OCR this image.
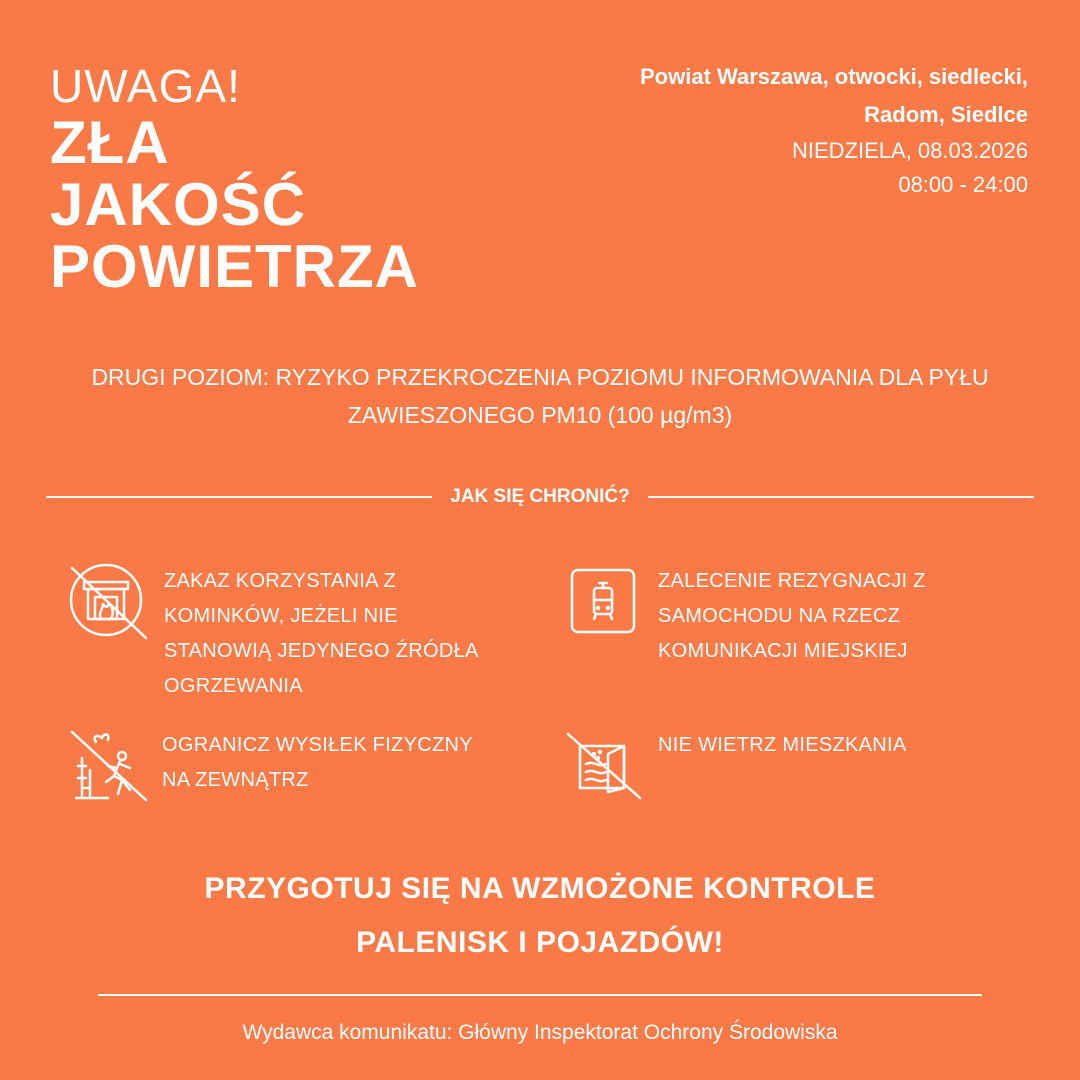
UWAGA!
ZŁA
JAKOŚĆ
POWIETRZA
Powiat Warszawa, otwocki, siedlecki,
Radom, Siedlce
NIEDZIELA, 08.03.2026
08:00 - 24:00
DRUGI POZIOM: RYZYKO PRZEKROCZENIA POZIOMU INFORMOWANIA DLA PYŁU
ZAWIESZONEGO PM10 (100 µg/m3)
JAK SIĘ CHRONIĆ?
ZAKAZ KORZYSTANIA Z
KOMINKÓW, JEŻELI NIE
STANOWIĄ JEDYNEGO ŹRÓDŁA
OGRZEWANIA
ZALECENIE REZYGNACJI Z
SAMOCHODU NA RZECZ
KOMUNIKACJI MIEJSKIEJ
OGRANICZ WYSIŁEK FIZYCZNY
NA ZEWNĄTRZ
NIE WIETRZ MIESZKANIA
PRZYGOTUJ SIĘ NA WZMOŻONE KONTROLE
PALENISK I POJAZDÓW!
Wydawca komunikatu: Główny Inspektorat Ochrony Środowiska
